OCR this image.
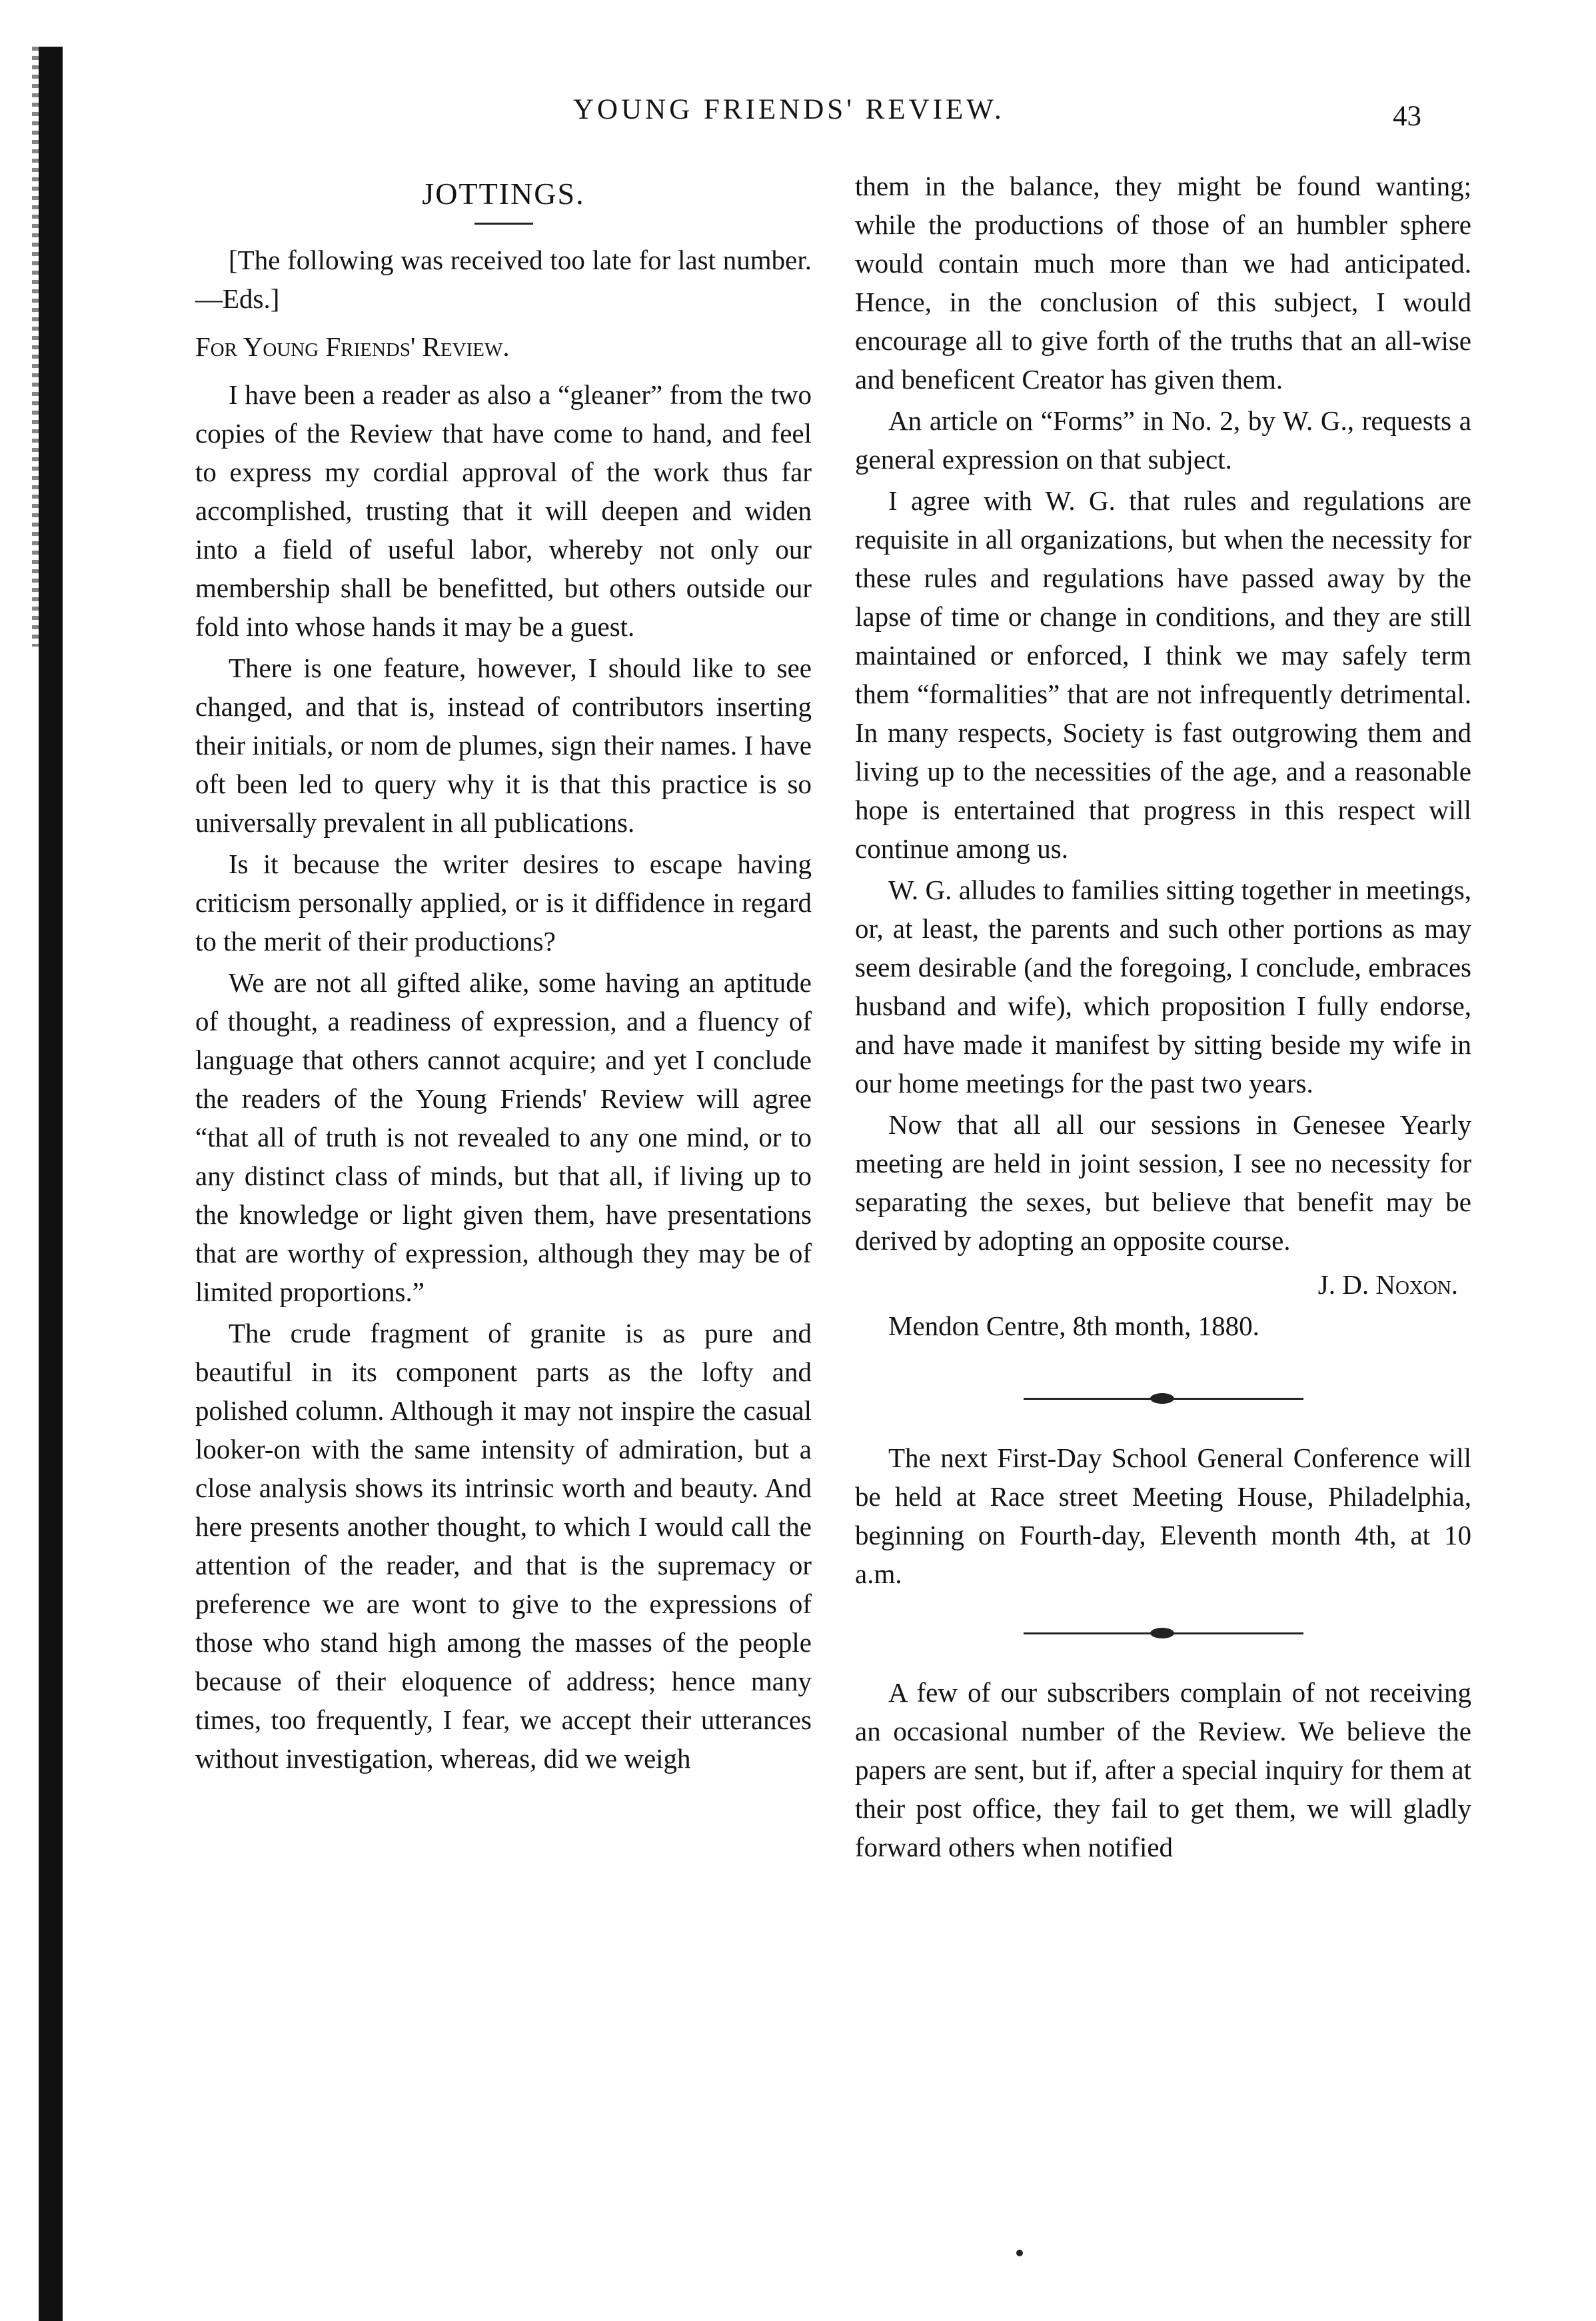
YOUNG FRIENDS' REVIEW.	43
JOTTINGS.

[The following was received too late for last number.—Eds.]

For Young Friends' Review.

I have been a reader as also a “gleaner” from the two copies of the Review that have come to hand, and feel to express my cordial approval of the work thus far accomplished, trusting that it will deepen and widen into a field of useful labor, whereby not only our membership shall be benefitted, but others outside our fold into whose hands it may be a guest.

There is one feature, however, I should like to see changed, and that is, instead of contributors inserting their initials, or nom de plumes, sign their names. I have oft been led to query why it is that this practice is so universally prevalent in all publications.

Is it because the writer desires to escape having criticism personally applied, or is it diffidence in regard to the merit of their productions?

We are not all gifted alike, some having an aptitude of thought, a readiness of expression, and a fluency of language that others cannot acquire; and yet I conclude the readers of the Young Friends' Review will agree “that all of truth is not revealed to any one mind, or to any distinct class of minds, but that all, if living up to the knowledge or light given them, have presentations that are worthy of expression, although they may be of limited proportions.”

The crude fragment of granite is as pure and beautiful in its component parts as the lofty and polished column. Although it may not inspire the casual looker-on with the same intensity of admiration, but a close analysis shows its intrinsic worth and beauty. And here presents another thought, to which I would call the attention of the reader, and that is the supremacy or preference we are wont to give to the expressions of those who stand high among the masses of the people because of their eloquence of address; hence many times, too frequently, I fear, we accept their utterances without investigation, whereas, did we weigh

them in the balance, they might be found wanting; while the productions of those of an humbler sphere would contain much more than we had anticipated. Hence, in the conclusion of this subject, I would encourage all to give forth of the truths that an all-wise and beneficent Creator has given them.

An article on “Forms” in No. 2, by W. G., requests a general expression on that subject.

I agree with W. G. that rules and regulations are requisite in all organizations, but when the necessity for these rules and regulations have passed away by the lapse of time or change in conditions, and they are still maintained or enforced, I think we may safely term them “formalities” that are not infrequently detrimental. In many respects, Society is fast outgrowing them and living up to the necessities of the age, and a reasonable hope is entertained that progress in this respect will continue among us.

W. G. alludes to families sitting together in meetings, or, at least, the parents and such other portions as may seem desirable (and the foregoing, I conclude, embraces husband and wife), which proposition I fully endorse, and have made it manifest by sitting beside my wife in our home meetings for the past two years.

Now that all all our sessions in Genesee Yearly meeting are held in joint session, I see no necessity for separating the sexes, but believe that benefit may be derived by adopting an opposite course.

J. D. Noxon.

Mendon Centre, 8th month, 1880.

The next First-Day School General Conference will be held at Race street Meeting House, Philadelphia, beginning on Fourth-day, Eleventh month 4th, at 10 a.m.

A few of our subscribers complain of not receiving an occasional number of the Review. We believe the papers are sent, but if, after a special inquiry for them at their post office, they fail to get them, we will gladly forward others when notified
